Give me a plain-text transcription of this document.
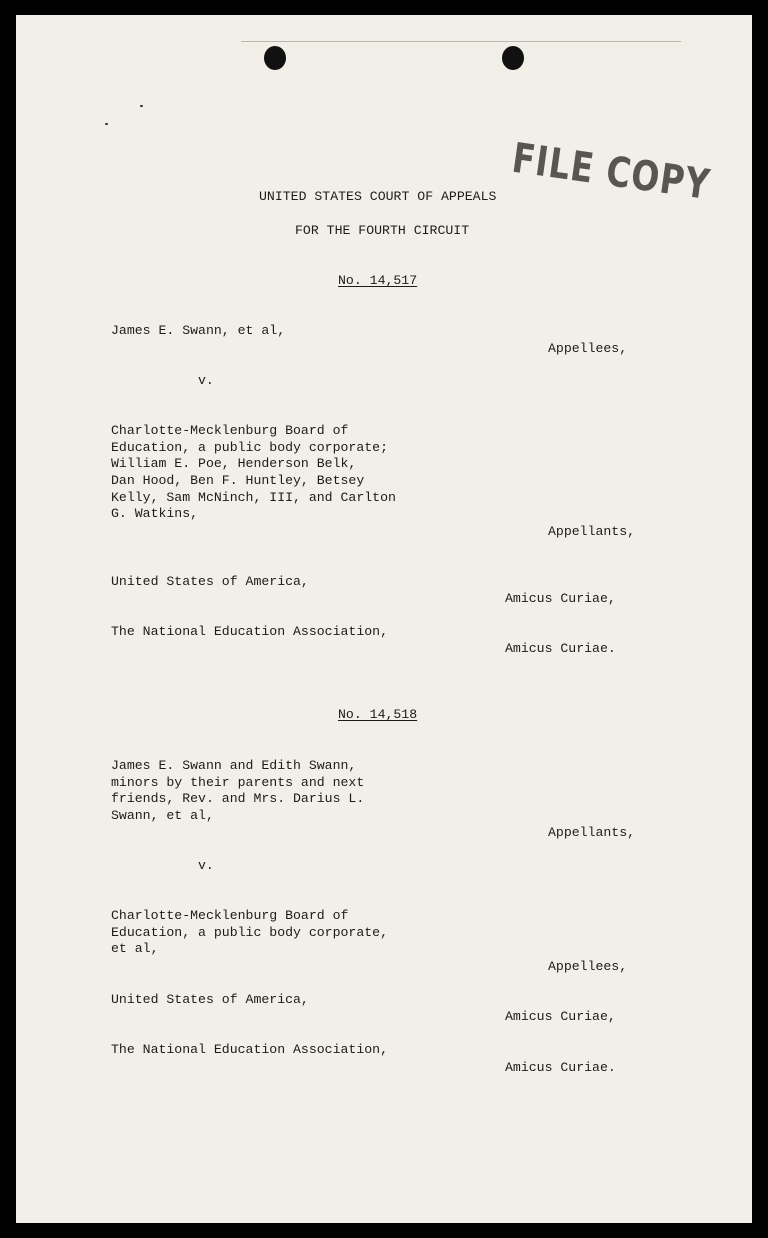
FILE COPY
UNITED STATES COURT OF APPEALS
FOR THE FOURTH CIRCUIT
No. 14,517
James E. Swann, et al,
Appellees,
v.
Charlotte-Mecklenburg Board of
Education, a public body corporate;
William E. Poe, Henderson Belk,
Dan Hood, Ben F. Huntley, Betsey
Kelly, Sam McNinch, III, and Carlton
G. Watkins,
Appellants,
United States of America,
Amicus Curiae,
The National Education Association,
Amicus Curiae.
No. 14,518
James E. Swann and Edith Swann,
minors by their parents and next
friends, Rev. and Mrs. Darius L.
Swann, et al,
Appellants,
v.
Charlotte-Mecklenburg Board of
Education, a public body corporate,
et al,
Appellees,
United States of America,
Amicus Curiae,
The National Education Association,
Amicus Curiae.
